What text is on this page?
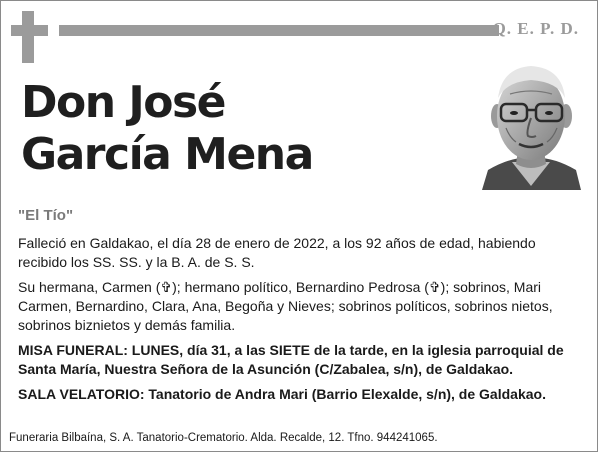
Q. E. P. D.
Don José
García Mena
"El Tío"

Falleció en Galdakao, el día 28 de enero de 2022, a los 92 años de edad, habiendo recibido los SS. SS. y la B. A. de S. S.

Su hermana, Carmen (✞); hermano político, Bernardino Pedrosa (✞); sobrinos, Mari Carmen, Bernardino, Clara, Ana, Begoña y Nieves; sobrinos políticos, sobrinos nietos, sobrinos biznietos y demás familia.

MISA FUNERAL: LUNES, día 31, a las SIETE de la tarde, en la iglesia parroquial de Santa María, Nuestra Señora de la Asunción (C/Zabalea, s/n), de Galdakao.

SALA VELATORIO: Tanatorio de Andra Mari (Barrio Elexalde, s/n), de Galdakao.

Funeraria Bilbaína, S. A. Tanatorio-Crematorio. Alda. Recalde, 12. Tfno. 944241065.
